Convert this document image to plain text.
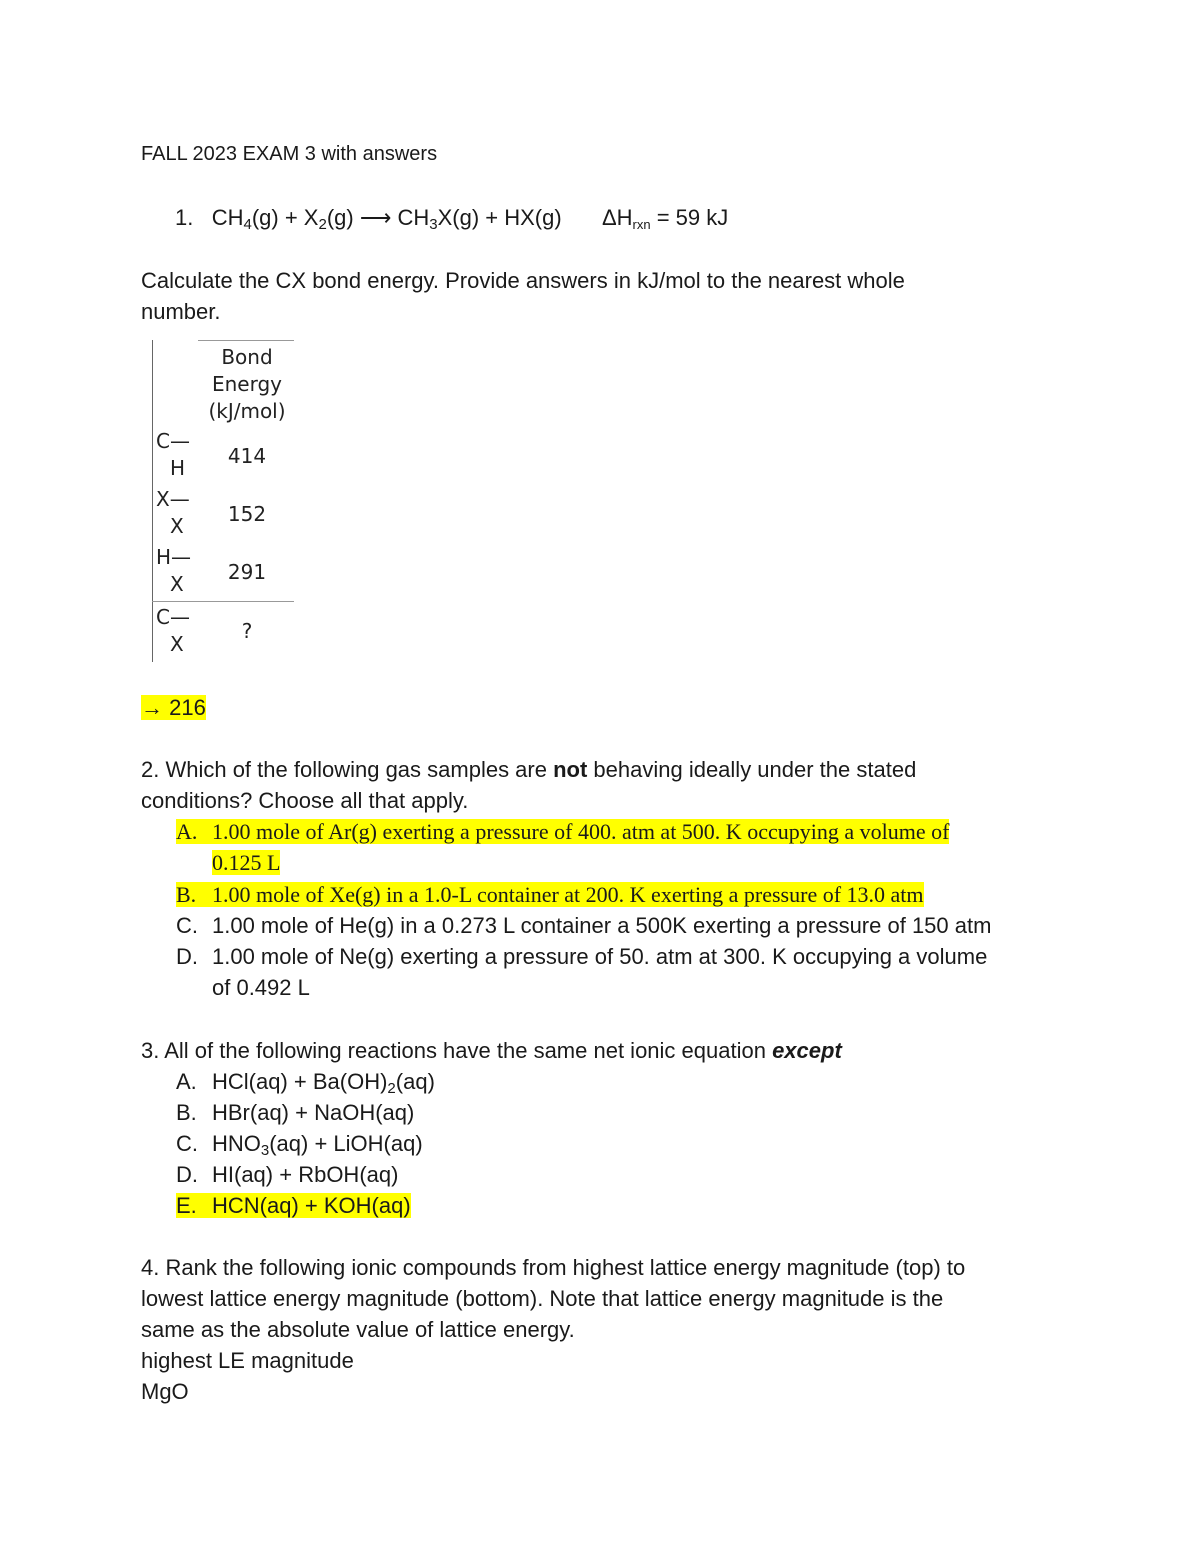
FALL 2023 EXAM 3 with answers
1. $CH_4(g) + X_2(g)$ ⟶ $CH_3X(g) + HX(g) \Delta H_{rxn} = 59$ kJ
Calculate the CX bond energy. Provide answers in kJ/mol to the nearest whole
number.
Bond
Energy
(kJ/mol)
C—
H	414
X—
X	152
H—
X	291
C—
X
?
→ 216
2. Which of the following gas samples are not behaving ideally under the stated
conditions? Choose all that apply.
A. 1.00 mole of Ar(g) exerting a pressure of 400. atm at 500. K occupying a volume of
0.125 L
B. 1.00 mole of Xe(g) in a 1.0-L container at 200. K exerting a pressure of 13.0 atm
C. 1.00 mole of He(g) in a 0.273 L container a 500K exerting a pressure of 150 atm
D. 1.00 mole of Ne(g) exerting a pressure of 50. atm at 300. K occupying a volume
of 0.492 L
3. All of the following reactions have the same net ionic equation except
A. $HCl(aq) + Ba(OH)_2(aq)$
B. HBr(aq) + NaOH(aq)
C. $HNO_3(aq)$ + LiOH(aq)
D. HI(aq) + RbOH(aq)
E. HCN(aq) + KOH(aq)
4. Rank the following ionic compounds from highest lattice energy magnitude (top) to
lowest lattice energy magnitude (bottom). Note that lattice energy magnitude is the
same as the absolute value of lattice energy.
highest LE magnitude
MgO
